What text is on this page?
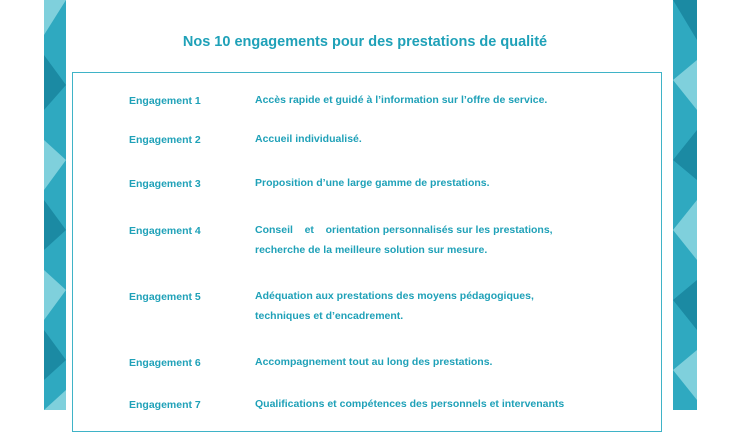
Nos 10 engagements pour des prestations de qualité
Engagement 1	Accès rapide et guidé à l’information sur l’offre de service.
Engagement 2	Accueil individualisé.
Engagement 3	Proposition d’une large gamme de prestations.
Engagement 4	Conseil    et    orientation personnalisés sur les prestations,
recherche de la meilleure solution sur mesure.
Engagement 5	Adéquation aux prestations des moyens pédagogiques,
techniques et d’encadrement.
Engagement 6	Accompagnement tout au long des prestations.
Engagement 7	Qualifications et compétences des personnels et intervenants
